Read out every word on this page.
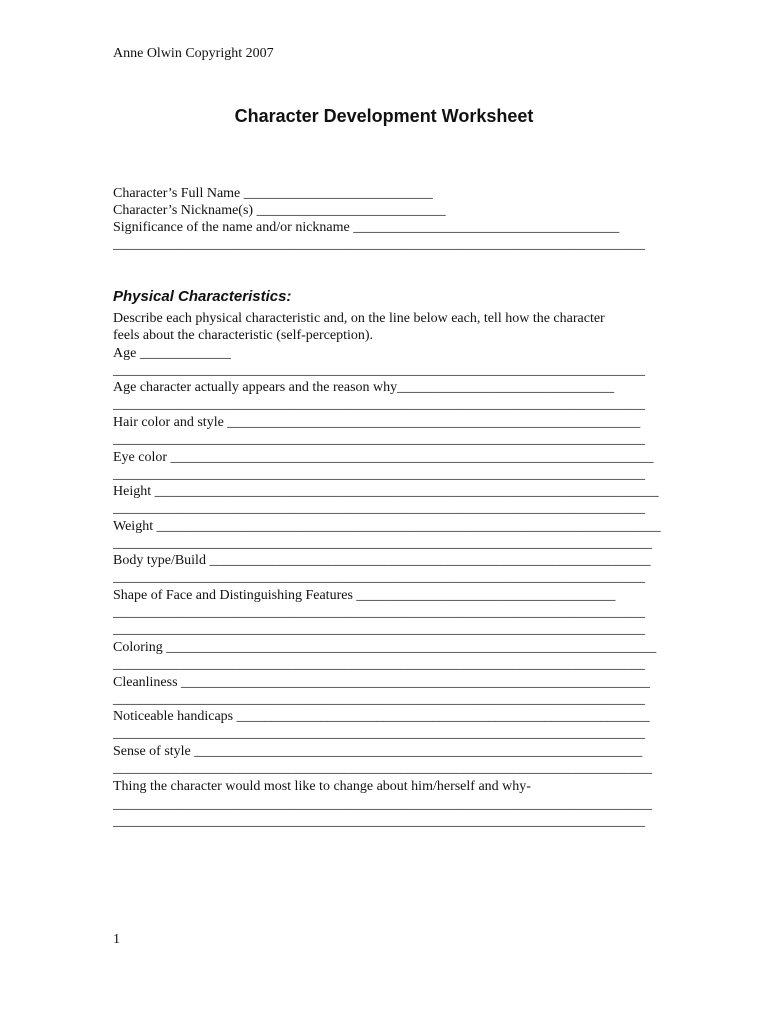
Anne Olwin Copyright 2007
Character Development Worksheet
Character’s Full Name ___________________________
Character’s Nickname(s) ___________________________
Significance of the name and/or nickname ______________________________________
____________________________________________________________________________
Physical Characteristics:
Describe each physical characteristic and, on the line below each, tell how the character
feels about the characteristic (self-perception).
Age _____________
____________________________________________________________________________
Age character actually appears and the reason why_______________________________
____________________________________________________________________________
Hair color and style ___________________________________________________________
____________________________________________________________________________
Eye color _____________________________________________________________________
____________________________________________________________________________
Height ________________________________________________________________________
____________________________________________________________________________
Weight ________________________________________________________________________
_____________________________________________________________________________
Body type/Build _______________________________________________________________
____________________________________________________________________________
Shape of Face and Distinguishing Features _____________________________________
____________________________________________________________________________
____________________________________________________________________________
Coloring ______________________________________________________________________
____________________________________________________________________________
Cleanliness ___________________________________________________________________
____________________________________________________________________________
Noticeable handicaps ___________________________________________________________
____________________________________________________________________________
Sense of style ________________________________________________________________
_____________________________________________________________________________
Thing the character would most like to change about him/herself and why-
_____________________________________________________________________________
____________________________________________________________________________
1
